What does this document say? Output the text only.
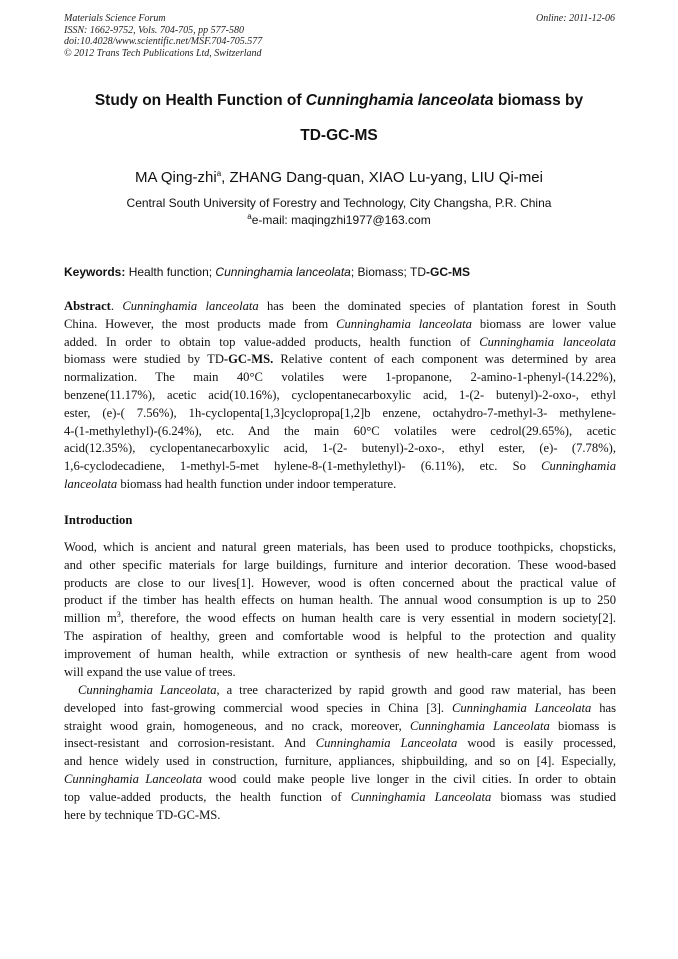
Materials Science Forum
ISSN: 1662-9752, Vols. 704-705, pp 577-580
doi:10.4028/www.scientific.net/MSF.704-705.577
© 2012 Trans Tech Publications Ltd, Switzerland
Online: 2011-12-06
Study on Health Function of Cunninghamia lanceolata biomass by
TD-GC-MS
MA Qing-zhi$^a$, ZHANG Dang-quan, XIAO Lu-yang, LIU Qi-mei
Central South University of Forestry and Technology, City Changsha, P.R. China
$^a$e-mail: maqingzhi1977@163.com
Keywords: Health function; Cunninghamia lanceolata; Biomass; TD-GC-MS
Abstract. Cunninghamia lanceolata has been the dominated species of plantation forest in South
China. However, the most products made from Cunninghamia lanceolata biomass are lower value
added. In order to obtain top value-added products, health function of Cunninghamia lanceolata
biomass were studied by TD-GC-MS. Relative content of each component was determined by area
normalization. The main 40°C volatiles were 1-propanone, 2-amino-1-phenyl-(14.22%),
benzene(11.17%), acetic acid(10.16%), cyclopentanecarboxylic acid, 1-(2- butenyl)-2-oxo-, ethyl
ester, (e)-( 7.56%), 1h-cyclopenta[1,3]cyclopropa[1,2]b enzene, octahydro-7-methyl-3- methylene-
4-(1-methylethyl)-(6.24%), etc. And the main 60°C volatiles were cedrol(29.65%), acetic
acid(12.35%), cyclopentanecarboxylic acid, 1-(2- butenyl)-2-oxo-, ethyl ester, (e)- (7.78%),
1,6-cyclodecadiene, 1-methyl-5-met hylene-8-(1-methylethyl)- (6.11%), etc. So Cunninghamia
lanceolata biomass had health function under indoor temperature.
Introduction
Wood, which is ancient and natural green materials, has been used to produce toothpicks, chopsticks,
and other specific materials for large buildings, furniture and interior decoration. These wood-based
products are close to our lives[1]. However, wood is often concerned about the practical value of
product if the timber has health effects on human health. The annual wood consumption is up to 250
million $m^3$, therefore, the wood effects on human health care is very essential in modern society[2].
The aspiration of healthy, green and comfortable wood is helpful to the protection and quality
improvement of human health, while extraction or synthesis of new health-care agent from wood
will expand the use value of trees.
Cunninghamia Lanceolata, a tree characterized by rapid growth and good raw material, has been
developed into fast-growing commercial wood species in China [3]. Cunninghamia Lanceolata has
straight wood grain, homogeneous, and no crack, moreover, Cunninghamia Lanceolata biomass is
insect-resistant and corrosion-resistant. And Cunninghamia Lanceolata wood is easily processed,
and hence widely used in construction, furniture, appliances, shipbuilding, and so on [4]. Especially,
Cunninghamia Lanceolata wood could make people live longer in the civil cities. In order to obtain
top value-added products, the health function of Cunninghamia Lanceolata biomass was studied
here by technique TD-GC-MS.
